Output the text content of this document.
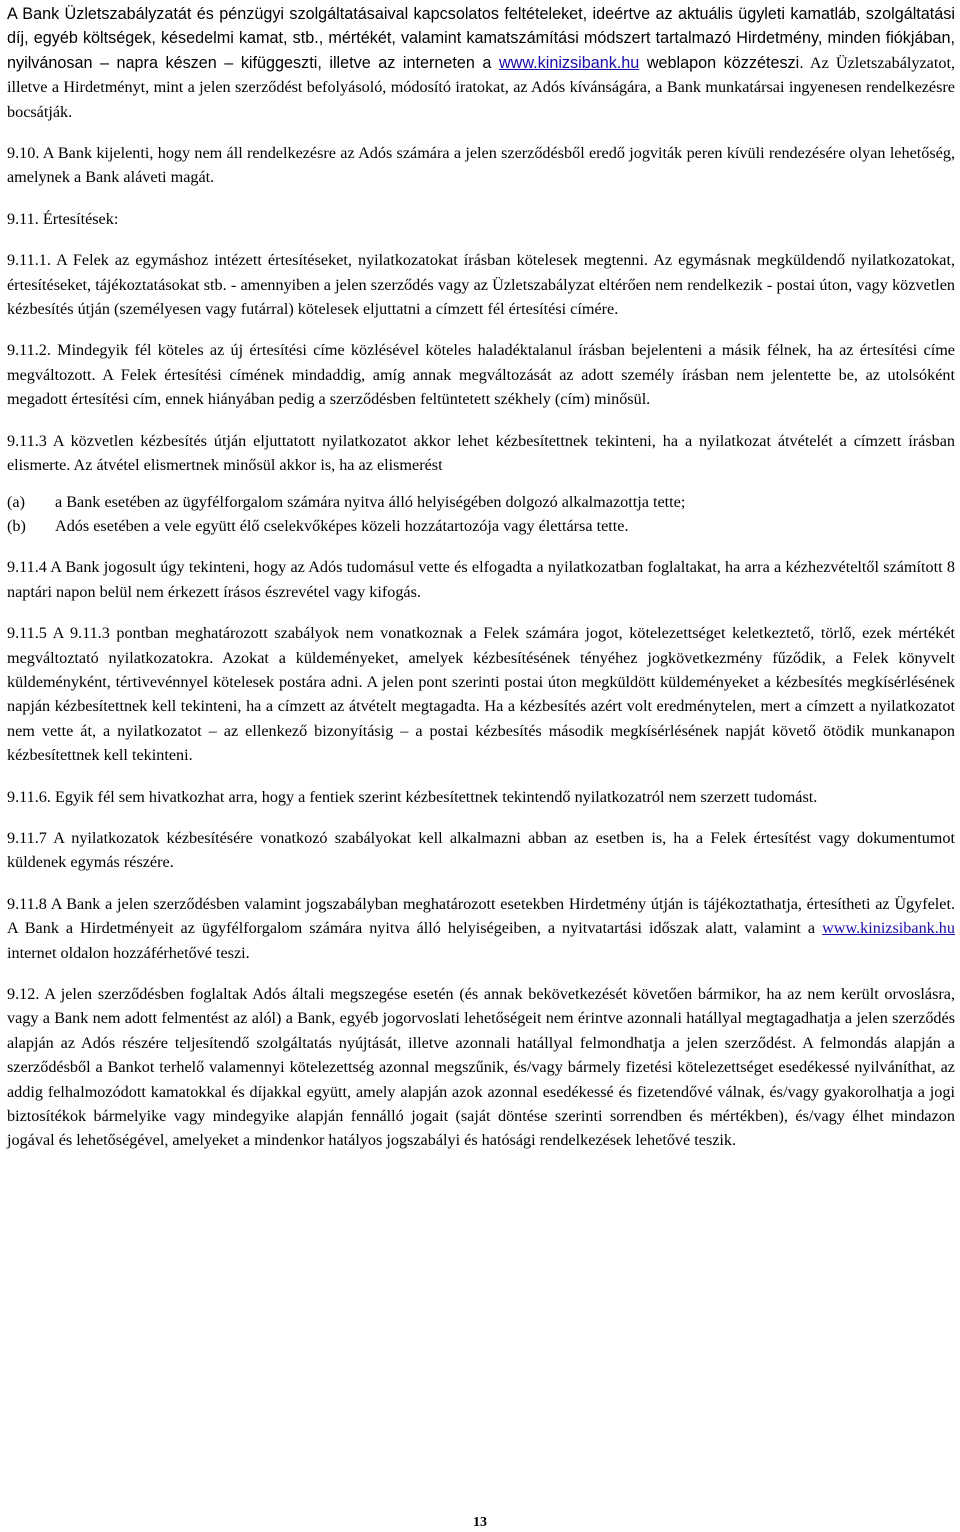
A Bank Üzletszabályzatát és pénzügyi szolgáltatásaival kapcsolatos feltételeket, ideértve az aktuális ügyleti kamatláb, szolgáltatási díj, egyéb költségek, késedelmi kamat, stb., mértékét, valamint kamatszámítási módszert tartalmazó Hirdetmény, minden fiókjában, nyilvánosan – napra készen – kifüggeszti, illetve az interneten a www.kinizsibank.hu weblapon közzéteszi. Az Üzletszabályzatot, illetve a Hirdetményt, mint a jelen szerződést befolyásoló, módosító iratokat, az Adós kívánságára, a Bank munkatársai ingyenesen rendelkezésre bocsátják.

9.10. A Bank kijelenti, hogy nem áll rendelkezésre az Adós számára a jelen szerződésből eredő jogviták peren kívüli rendezésére olyan lehetőség, amelynek a Bank aláveti magát.

9.11. Értesítések:

9.11.1. A Felek az egymáshoz intézett értesítéseket, nyilatkozatokat írásban kötelesek megtenni. Az egymásnak megküldendő nyilatkozatokat, értesítéseket, tájékoztatásokat stb. - amennyiben a jelen szerződés vagy az Üzletszabályzat eltérően nem rendelkezik - postai úton, vagy közvetlen kézbesítés útján (személyesen vagy futárral) kötelesek eljuttatni a címzett fél értesítési címére.

9.11.2. Mindegyik fél köteles az új értesítési címe közlésével köteles haladéktalanul írásban bejelenteni a másik félnek, ha az értesítési címe megváltozott. A Felek értesítési címének mindaddig, amíg annak megváltozását az adott személy írásban nem jelentette be, az utolsóként megadott értesítési cím, ennek hiányában pedig a szerződésben feltüntetett székhely (cím) minősül.

9.11.3 A közvetlen kézbesítés útján eljuttatott nyilatkozatot akkor lehet kézbesítettnek tekinteni, ha a nyilatkozat átvételét a címzett írásban elismerte. Az átvétel elismertnek minősül akkor is, ha az elismerést

(a)	a Bank esetében az ügyfélforgalom számára nyitva álló helyiségében dolgozó alkalmazottja tette;
(b)	Adós esetében a vele együtt élő cselekvőképes közeli hozzátartozója vagy élettársa tette.

9.11.4 A Bank jogosult úgy tekinteni, hogy az Adós tudomásul vette és elfogadta a nyilatkozatban foglaltakat, ha arra a kézhezvételtől számított 8 naptári napon belül nem érkezett írásos észrevétel vagy kifogás.

9.11.5 A 9.11.3 pontban meghatározott szabályok nem vonatkoznak a Felek számára jogot, kötelezettséget keletkeztető, törlő, ezek mértékét megváltoztató nyilatkozatokra. Azokat a küldeményeket, amelyek kézbesítésének tényéhez jogkövetkezmény fűződik, a Felek könyvelt küldeményként, tértivevénnyel kötelesek postára adni. A jelen pont szerinti postai úton megküldött küldeményeket a kézbesítés megkísérlésének napján kézbesítettnek kell tekinteni, ha a címzett az átvételt megtagadta. Ha a kézbesítés azért volt eredménytelen, mert a címzett a nyilatkozatot nem vette át, a nyilatkozatot – az ellenkező bizonyításig – a postai kézbesítés második megkísérlésének napját követő ötödik munkanapon kézbesítettnek kell tekinteni.

9.11.6. Egyik fél sem hivatkozhat arra, hogy a fentiek szerint kézbesítettnek tekintendő nyilatkozatról nem szerzett tudomást.

9.11.7 A nyilatkozatok kézbesítésére vonatkozó szabályokat kell alkalmazni abban az esetben is, ha a Felek értesítést vagy dokumentumot küldenek egymás részére.

9.11.8 A Bank a jelen szerződésben valamint jogszabályban meghatározott esetekben Hirdetmény útján is tájékoztathatja, értesítheti az Ügyfelet. A Bank a Hirdetményeit az ügyfélforgalom számára nyitva álló helyiségeiben, a nyitvatartási időszak alatt, valamint a www.kinizsibank.hu internet oldalon hozzáférhetővé teszi.

9.12. A jelen szerződésben foglaltak Adós általi megszegése esetén (és annak bekövetkezését követően bármikor, ha az nem került orvoslásra, vagy a Bank nem adott felmentést az alól) a Bank, egyéb jogorvoslati lehetőségeit nem érintve azonnali hatállyal megtagadhatja a jelen szerződés alapján az Adós részére teljesítendő szolgáltatás nyújtását, illetve azonnali hatállyal felmondhatja a jelen szerződést. A felmondás alapján a szerződésből a Bankot terhelő valamennyi kötelezettség azonnal megszűnik, és/vagy bármely fizetési kötelezettséget esedékessé nyilváníthat, az addig felhalmozódott kamatokkal és díjakkal együtt, amely alapján azok azonnal esedékessé és fizetendővé válnak, és/vagy gyakorolhatja a jogi biztosítékok bármelyike vagy mindegyike alapján fennálló jogait (saját döntése szerinti sorrendben és mértékben), és/vagy élhet mindazon jogával és lehetőségével, amelyeket a mindenkor hatályos jogszabályi és hatósági rendelkezések lehetővé teszik.

13
